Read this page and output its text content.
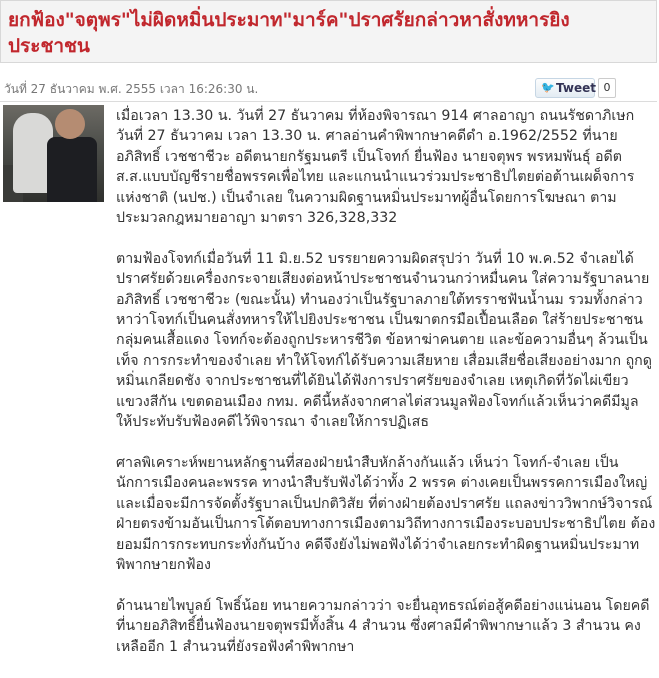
ยกฟ้อง"จตุพร"ไม่ผิดหมิ่นประมาท"มาร์ค"ปราศรัยกล่าวหาสั่งทหารยิงประชาชน
วันที่ 27 ธันวาคม พ.ศ. 2555 เวลา 16:26:30 น.	🐦 Tweet 0

เมื่อเวลา 13.30 น. วันที่ 27 ธันวาคม ที่ห้องพิจารณา 914 ศาลอาญา ถนนรัชดาภิเษก วันที่ 27 ธันวาคม เวลา 13.30 น. ศาลอ่านคำพิพากษาคดีดำ อ.1962/2552 ที่นายอภิสิทธิ์ เวชชาชีวะ อดีตนายกรัฐมนตรี เป็นโจทก์ ยื่นฟ้อง นายจตุพร พรหมพันธุ์ อดีต ส.ส.แบบบัญชีรายชื่อพรรคเพื่อไทย และแกนนำแนวร่วมประชาธิปไตยต่อต้านเผด็จการแห่งชาติ (นปช.) เป็นจำเลย ในความผิดฐานหมิ่นประมาทผู้อื่นโดยการโฆษณา ตามประมวลกฎหมายอาญา มาตรา 326,328,332

ตามฟ้องโจทก์เมื่อวันที่ 11 มิ.ย.52 บรรยายความผิดสรุปว่า วันที่ 10 พ.ค.52 จำเลยได้ปราศรัยด้วยเครื่องกระจายเสียงต่อหน้าประชาชนจำนวนกว่าหมื่นคน ใส่ความรัฐบาลนายอภิสิทธิ์ เวชชาชีวะ (ขณะนั้น) ทำนองว่าเป็นรัฐบาลภายใต้ทรราชฟันน้ำนม รวมทั้งกล่าวหาว่าโจทก์เป็นคนสั่งทหารให้ไปยิงประชาชน เป็นฆาตกรมือเปื้อนเลือด ใส่ร้ายประชาชนกลุ่มคนเสื้อแดง โจทก์จะต้องถูกประหารชีวิต ข้อหาฆ่าคนตาย และข้อความอื่นๆ ล้วนเป็นเท็จ การกระทำของจำเลย ทำให้โจทก์ได้รับความเสียหาย เสื่อมเสียชื่อเสียงอย่างมาก ถูกดูหมิ่นเกลียดชัง จากประชาชนที่ได้ยินได้ฟังการปราศรัยของจำเลย เหตุเกิดที่วัดไผ่เขียว แขวงสีกัน เขตดอนเมือง กทม. คดีนี้หลังจากศาลไต่สวนมูลฟ้องโจทก์แล้วเห็นว่าคดีมีมูล ให้ประทับรับฟ้องคดีไว้พิจารณา จำเลยให้การปฏิเสธ

ศาลพิเคราะห์พยานหลักฐานที่สองฝ่ายนำสืบหักล้างกันแล้ว เห็นว่า โจทก์-จำเลย เป็นนักการเมืองคนละพรรค ทางนำสืบรับฟังได้ว่าทั้ง 2 พรรค ต่างเคยเป็นพรรคการเมืองใหญ่ และเมื่อจะมีการจัดตั้งรัฐบาลเป็นปกติวิสัย ที่ต่างฝ่ายต้องปราศรัย แถลงข่าววิพากษ์วิจารณ์ฝ่ายตรงข้ามอันเป็นการโต้ตอบทางการเมืองตามวิถีทางการเมืองระบอบประชาธิปไตย ต้องยอมมีการกระทบกระทั่งกันบ้าง คดีจึงยังไม่พอฟังได้ว่าจำเลยกระทำผิดฐานหมิ่นประมาท พิพากษายกฟ้อง

ด้านนายไพบูลย์ โพธิ์น้อย ทนายความกล่าวว่า จะยื่นอุทธรณ์ต่อสู้คดีอย่างแน่นอน โดยคดีที่นายอภิสิทธิ์ยื่นฟ้องนายจตุพรมีทั้งสิ้น 4 สำนวน ซึ่งศาลมีคำพิพากษาแล้ว 3 สำนวน คงเหลืออีก 1 สำนวนที่ยังรอฟังคำพิพากษา
